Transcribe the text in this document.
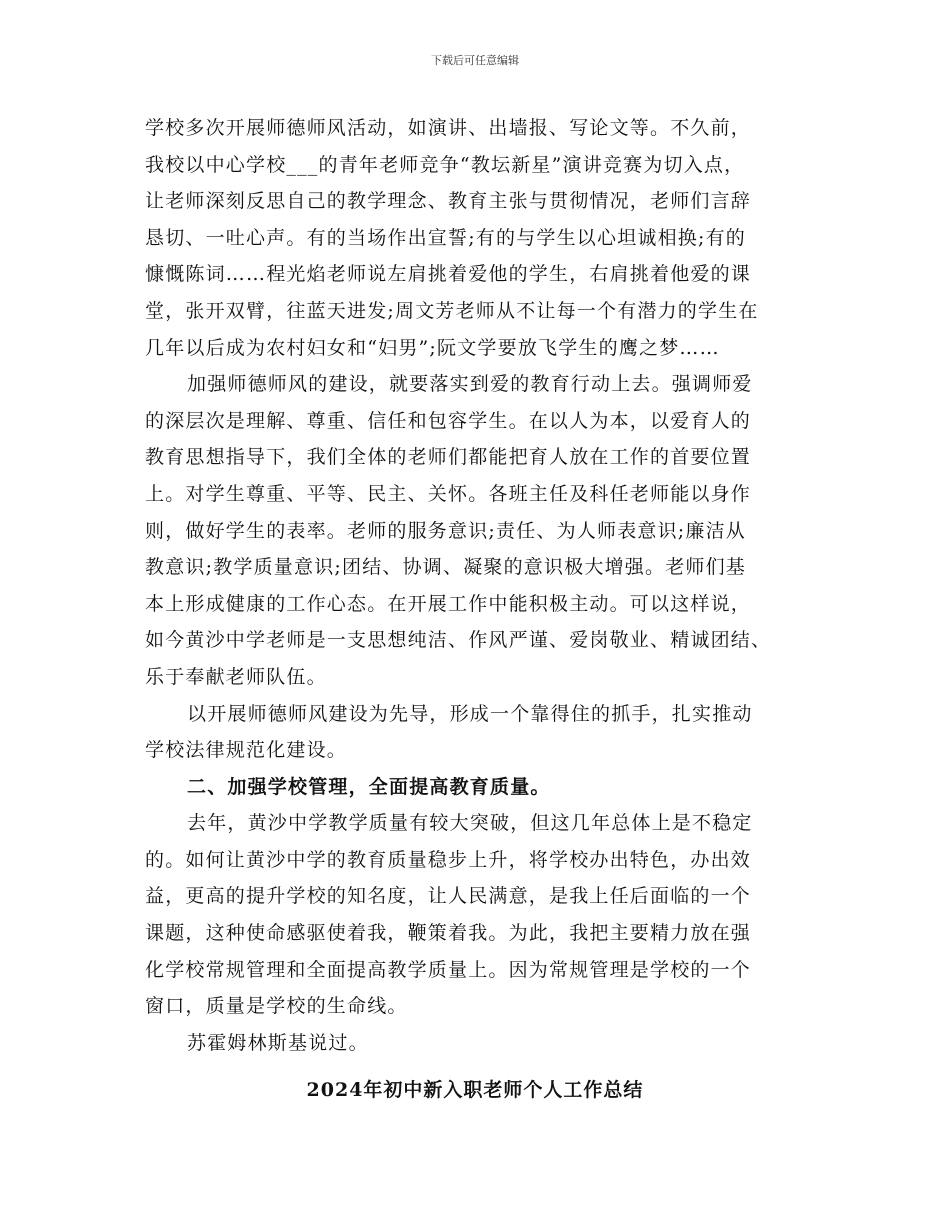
下载后可任意编辑
学校多次开展师德师风活动，如演讲、出墙报、写论文等。不久前，
我校以中心学校___的青年老师竞争“教坛新星”演讲竞赛为切入点，
让老师深刻反思自己的教学理念、教育主张与贯彻情况，老师们言辞
恳切、一吐心声。有的当场作出宣誓;有的与学生以心坦诚相换;有的
慷慨陈词……程光焰老师说左肩挑着爱他的学生，右肩挑着他爱的课
堂，张开双臂，往蓝天进发;周文芳老师从不让每一个有潜力的学生在
几年以后成为农村妇女和“妇男”;阮文学要放飞学生的鹰之梦……
加强师德师风的建设，就要落实到爱的教育行动上去。强调师爱
的深层次是理解、尊重、信任和包容学生。在以人为本，以爱育人的
教育思想指导下，我们全体的老师们都能把育人放在工作的首要位置
上。对学生尊重、平等、民主、关怀。各班主任及科任老师能以身作
则，做好学生的表率。老师的服务意识;责任、为人师表意识;廉洁从
教意识;教学质量意识;团结、协调、凝聚的意识极大增强。老师们基
本上形成健康的工作心态。在开展工作中能积极主动。可以这样说，
如今黄沙中学老师是一支思想纯洁、作风严谨、爱岗敬业、精诚团结、
乐于奉献老师队伍。
以开展师德师风建设为先导，形成一个靠得住的抓手，扎实推动
学校法律规范化建设。
二、加强学校管理，全面提高教育质量。
去年，黄沙中学教学质量有较大突破，但这几年总体上是不稳定
的。如何让黄沙中学的教育质量稳步上升，将学校办出特色，办出效
益，更高的提升学校的知名度，让人民满意，是我上任后面临的一个
课题，这种使命感驱使着我，鞭策着我。为此，我把主要精力放在强
化学校常规管理和全面提高教学质量上。因为常规管理是学校的一个
窗口，质量是学校的生命线。
苏霍姆林斯基说过。
2024年初中新入职老师个人工作总结
